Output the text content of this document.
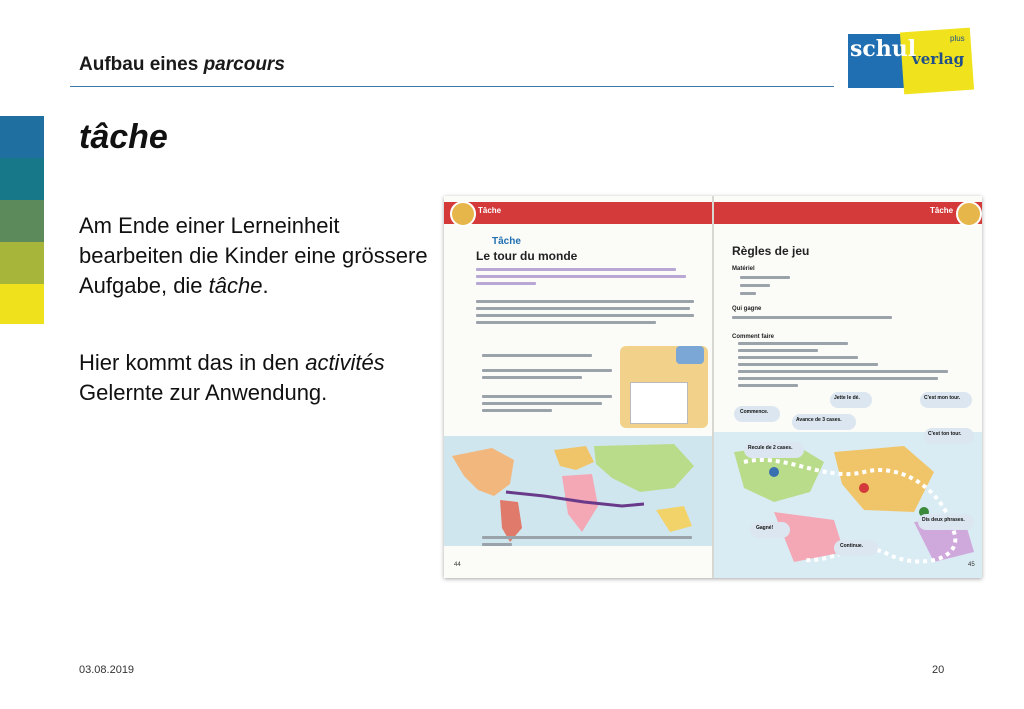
Aufbau eines parcours
schul
verlag
plus
tâche

Am Ende einer Lerneinheit bearbeiten die Kinder eine grössere Aufgabe, die tâche.

Hier kommt das in den activités Gelernte zur Anwendung.

Tâche
Tâche
Le tour du monde
44
Tâche
Règles de jeu
Matériel
Qui gagne
Comment faire
Jette le dé.	C'est mon tour.
Commence.
Avance de 3 cases.
C'est ton tour.
Recule de 2 cases.
Gagné!
Dis deux phrases.
Continue.
45
03.08.2019	20
